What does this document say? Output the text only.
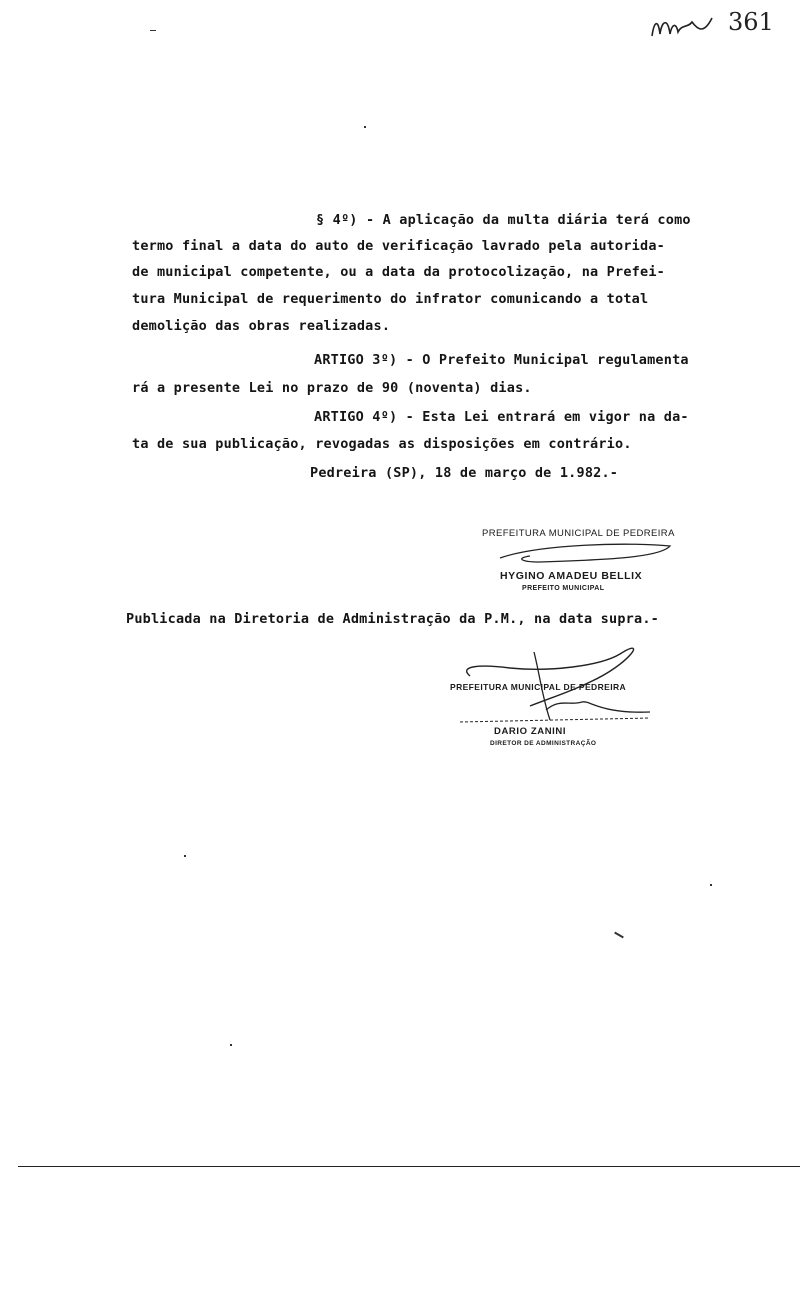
361
§ 4º) - A aplicação da multa diária terá como
termo final a data do auto de verificação lavrado pela autorida-
de municipal competente, ou a data da protocolização, na Prefei-
tura Municipal de requerimento do infrator comunicando a total
demolição das obras realizadas.
ARTIGO 3º) - O Prefeito Municipal regulamenta
rá a presente Lei no prazo de 90 (noventa) dias.
ARTIGO 4º) - Esta Lei entrará em vigor na da-
ta de sua publicação, revogadas as disposições em contrário.
Pedreira (SP), 18 de março de 1.982.-
PREFEITURA MUNICIPAL DE PEDREIRA
HYGINO AMADEU BELLIX
PREFEITO MUNICIPAL
Publicada na Diretoria de Administração da P.M., na data supra.-
PREFEITURA MUNICIPAL DE PEDREIRA
DARIO ZANINI
DIRETOR DE ADMINISTRAÇÃO
